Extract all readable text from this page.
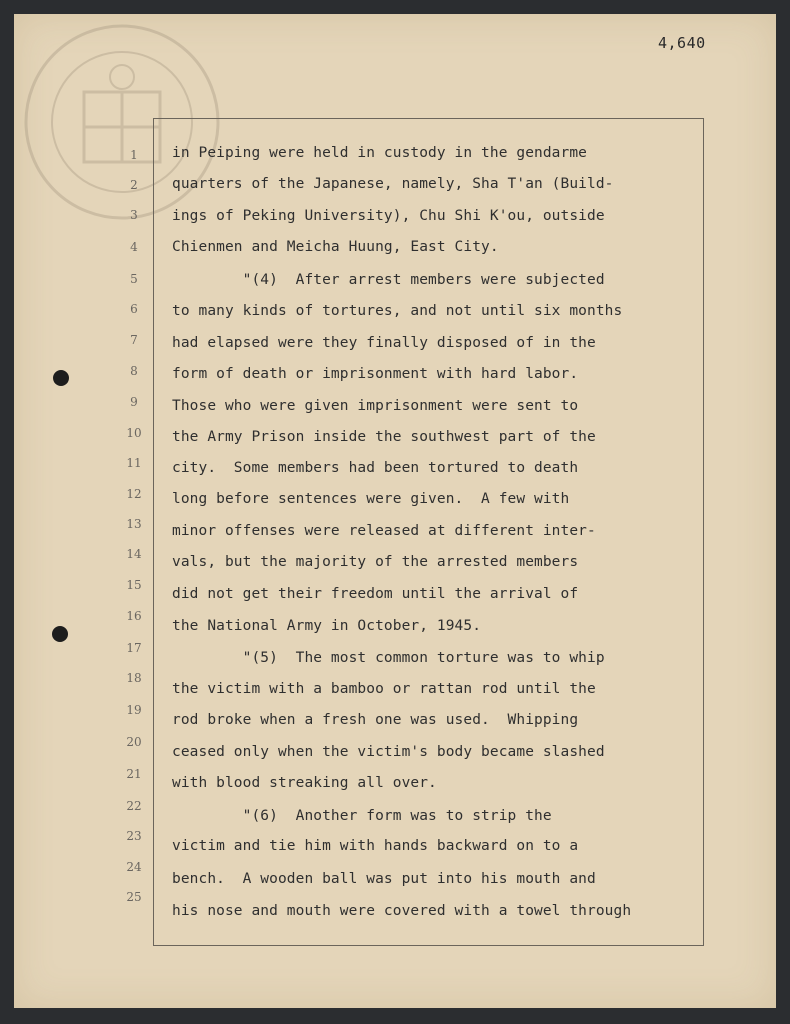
4,640
1
2
3
4
5
6
7
8
9
10
11
12
13
14
15
16
17
18
19
20
21
22
23
24
25
in Peiping were held in custody in the gendarme
quarters of the Japanese, namely, Sha T'an (Build-
ings of Peking University), Chu Shi K'ou, outside
Chienmen and Meicha Huung, East City.
"(4)  After arrest members were subjected
to many kinds of tortures, and not until six months
had elapsed were they finally disposed of in the
form of death or imprisonment with hard labor.
Those who were given imprisonment were sent to
the Army Prison inside the southwest part of the
city.  Some members had been tortured to death
long before sentences were given.  A few with
minor offenses were released at different inter-
vals, but the majority of the arrested members
did not get their freedom until the arrival of
the National Army in October, 1945.
"(5)  The most common torture was to whip
the victim with a bamboo or rattan rod until the
rod broke when a fresh one was used.  Whipping
ceased only when the victim's body became slashed
with blood streaking all over.
"(6)  Another form was to strip the
victim and tie him with hands backward on to a
bench.  A wooden ball was put into his mouth and
his nose and mouth were covered with a towel through
